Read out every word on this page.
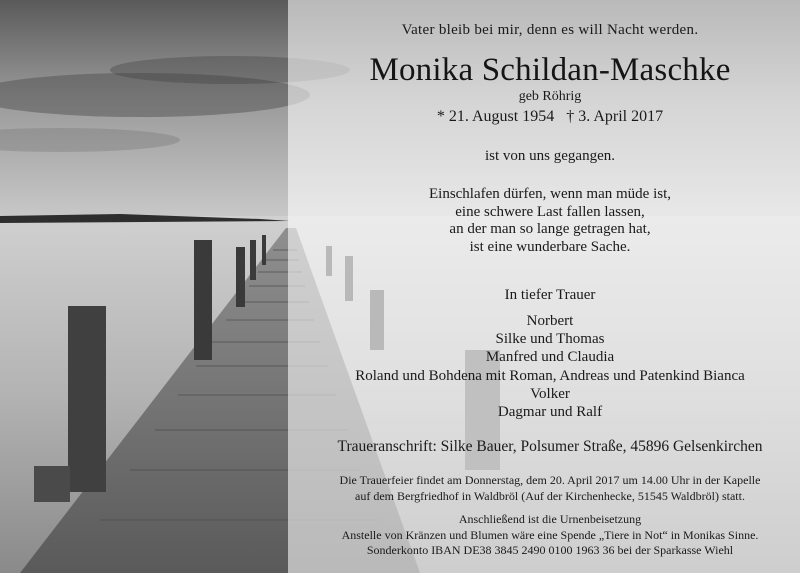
Vater bleib bei mir, denn es will Nacht werden.
Monika Schildan-Maschke
geb Röhrig
* 21. August 1954   † 3. April 2017
ist von uns gegangen.
Einschlafen dürfen, wenn man müde ist,
eine schwere Last fallen lassen,
an der man so lange getragen hat,
ist eine wunderbare Sache.
In tiefer Trauer
Norbert
Silke und Thomas
Manfred und Claudia
Roland und Bohdena mit Roman, Andreas und Patenkind Bianca
Volker
Dagmar und Ralf
Traueranschrift: Silke Bauer, Polsumer Straße, 45896 Gelsenkirchen
Die Trauerfeier findet am Donnerstag, dem 20. April 2017 um 14.00 Uhr in der Kapelle
auf dem Bergfriedhof in Waldbröl (Auf der Kirchenhecke, 51545 Waldbröl) statt.
Anschließend ist die Urnenbeisetzung
Anstelle von Kränzen und Blumen wäre eine Spende „Tiere in Not“ in Monikas Sinne.
Sonderkonto IBAN DE38 3845 2490 0100 1963 36 bei der Sparkasse Wiehl
